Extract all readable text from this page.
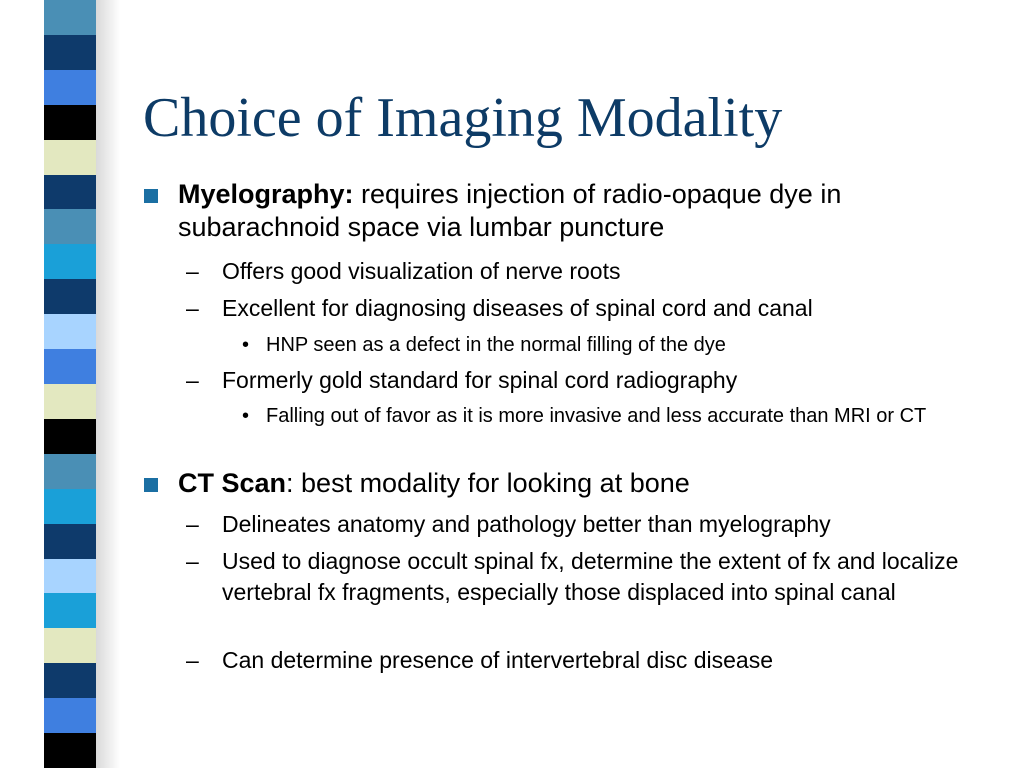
Choice of Imaging Modality
Myelography: requires injection of radio-opaque dye in subarachnoid space via lumbar puncture
– Offers good visualization of nerve roots
– Excellent for diagnosing diseases of spinal cord and canal
• HNP seen as a defect in the normal filling of the dye
– Formerly gold standard for spinal cord radiography
• Falling out of favor as it is more invasive and less accurate than MRI or CT
CT Scan: best modality for looking at bone
– Delineates anatomy and pathology better than myelography
– Used to diagnose occult spinal fx, determine the extent of fx and localize vertebral fx fragments, especially those displaced into spinal canal
– Can determine presence of intervertebral disc disease
